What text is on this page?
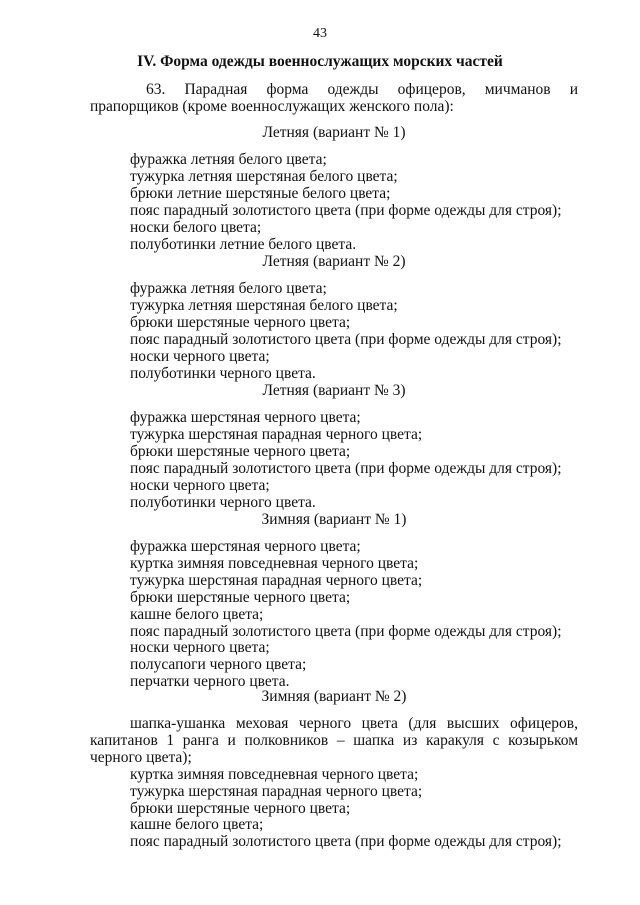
43
IV. Форма одежды военнослужащих морских частей

63. Парадная форма одежды офицеров, мичманов и прапорщиков (кроме военнослужащих женского пола):

Летняя (вариант № 1)
фуражка летняя белого цвета;
тужурка летняя шерстяная белого цвета;
брюки летние шерстяные белого цвета;
пояс парадный золотистого цвета (при форме одежды для строя);
носки белого цвета;
полуботинки летние белого цвета.
Летняя (вариант № 2)
фуражка летняя белого цвета;
тужурка летняя шерстяная белого цвета;
брюки шерстяные черного цвета;
пояс парадный золотистого цвета (при форме одежды для строя);
носки черного цвета;
полуботинки черного цвета.
Летняя (вариант № 3)
фуражка шерстяная черного цвета;
тужурка шерстяная парадная черного цвета;
брюки шерстяные черного цвета;
пояс парадный золотистого цвета (при форме одежды для строя);
носки черного цвета;
полуботинки черного цвета.
Зимняя (вариант № 1)
фуражка шерстяная черного цвета;
куртка зимняя повседневная черного цвета;
тужурка шерстяная парадная черного цвета;
брюки шерстяные черного цвета;
кашне белого цвета;
пояс парадный золотистого цвета (при форме одежды для строя);
носки черного цвета;
полусапоги черного цвета;
перчатки черного цвета.
Зимняя (вариант № 2)
шапка-ушанка меховая черного цвета (для высших офицеров, капитанов 1 ранга и полковников – шапка из каракуля с козырьком черного цвета);
куртка зимняя повседневная черного цвета;
тужурка шерстяная парадная черного цвета;
брюки шерстяные черного цвета;
кашне белого цвета;
пояс парадный золотистого цвета (при форме одежды для строя);
